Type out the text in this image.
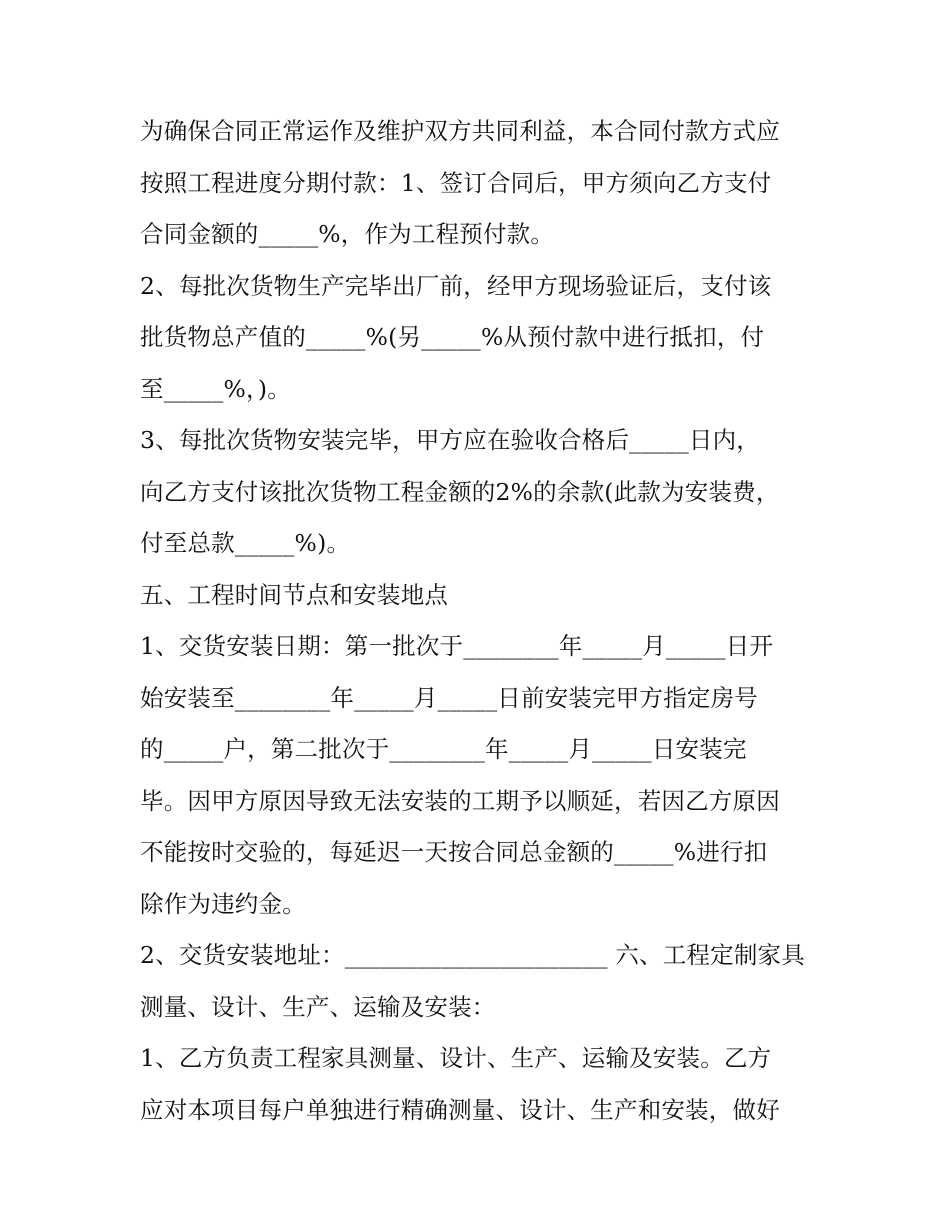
为确保合同正常运作及维护双方共同利益，本合同付款方式应
按照工程进度分期付款：1、签订合同后，甲方须向乙方支付
合同金额的_____%，作为工程预付款。
2、每批次货物生产完毕出厂前，经甲方现场验证后，支付该
批货物总产值的_____%(另_____%从预付款中进行抵扣，付
至_____%，)。
3、每批次货物安装完毕，甲方应在验收合格后_____日内，
向乙方支付该批次货物工程金额的2%的余款(此款为安装费，
付至总款_____%)。
五、工程时间节点和安装地点
1、交货安装日期：第一批次于________年_____月_____日开
始安装至________年_____月_____日前安装完甲方指定房号
的_____户，第二批次于________年_____月_____日安装完
毕。因甲方原因导致无法安装的工期予以顺延，若因乙方原因
不能按时交验的，每延迟一天按合同总金额的_____%进行扣
除作为违约金。
2、交货安装地址：______________________ 六、工程定制家具
测量、设计、生产、运输及安装：
1、乙方负责工程家具测量、设计、生产、运输及安装。乙方
应对本项目每户单独进行精确测量、设计、生产和安装，做好
